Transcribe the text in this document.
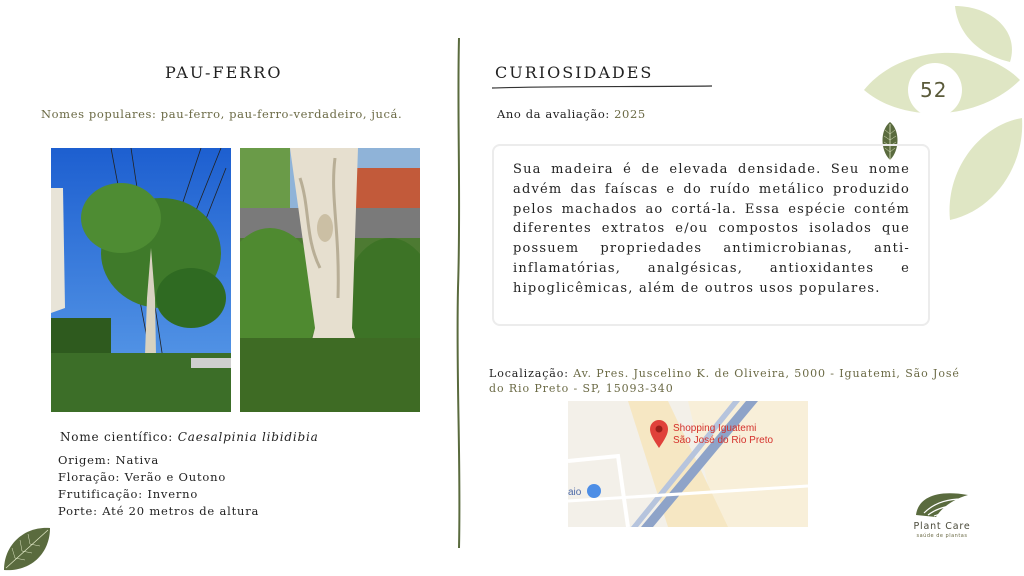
52
PAU-FERRO
Nomes populares: pau-ferro, pau-ferro-verdadeiro, jucá.
Nome científico: Caesalpinia libidibia
Origem: Nativa
Floração: Verão e Outono
Frutificação: Inverno
Porte: Até 20 metros de altura
CURIOSIDADES
Ano da avaliação: 2025
Sua madeira é de elevada densidade. Seu nome advém das faíscas e do ruído metálico produzido pelos machados ao cortá-la. Essa espécie contém diferentes extratos e/ou compostos isolados que possuem propriedades antimicrobianas, anti-inflamatórias, analgésicas, antioxidantes e hipoglicêmicas, além de outros usos populares.
Localização: Av. Pres. Juscelino K. de Oliveira, 5000 - Iguatemi, São José do Rio Preto - SP, 15093-340
Shopping Iguatemi
São José do Rio Preto
aio
Plant Care
saúde de plantas
